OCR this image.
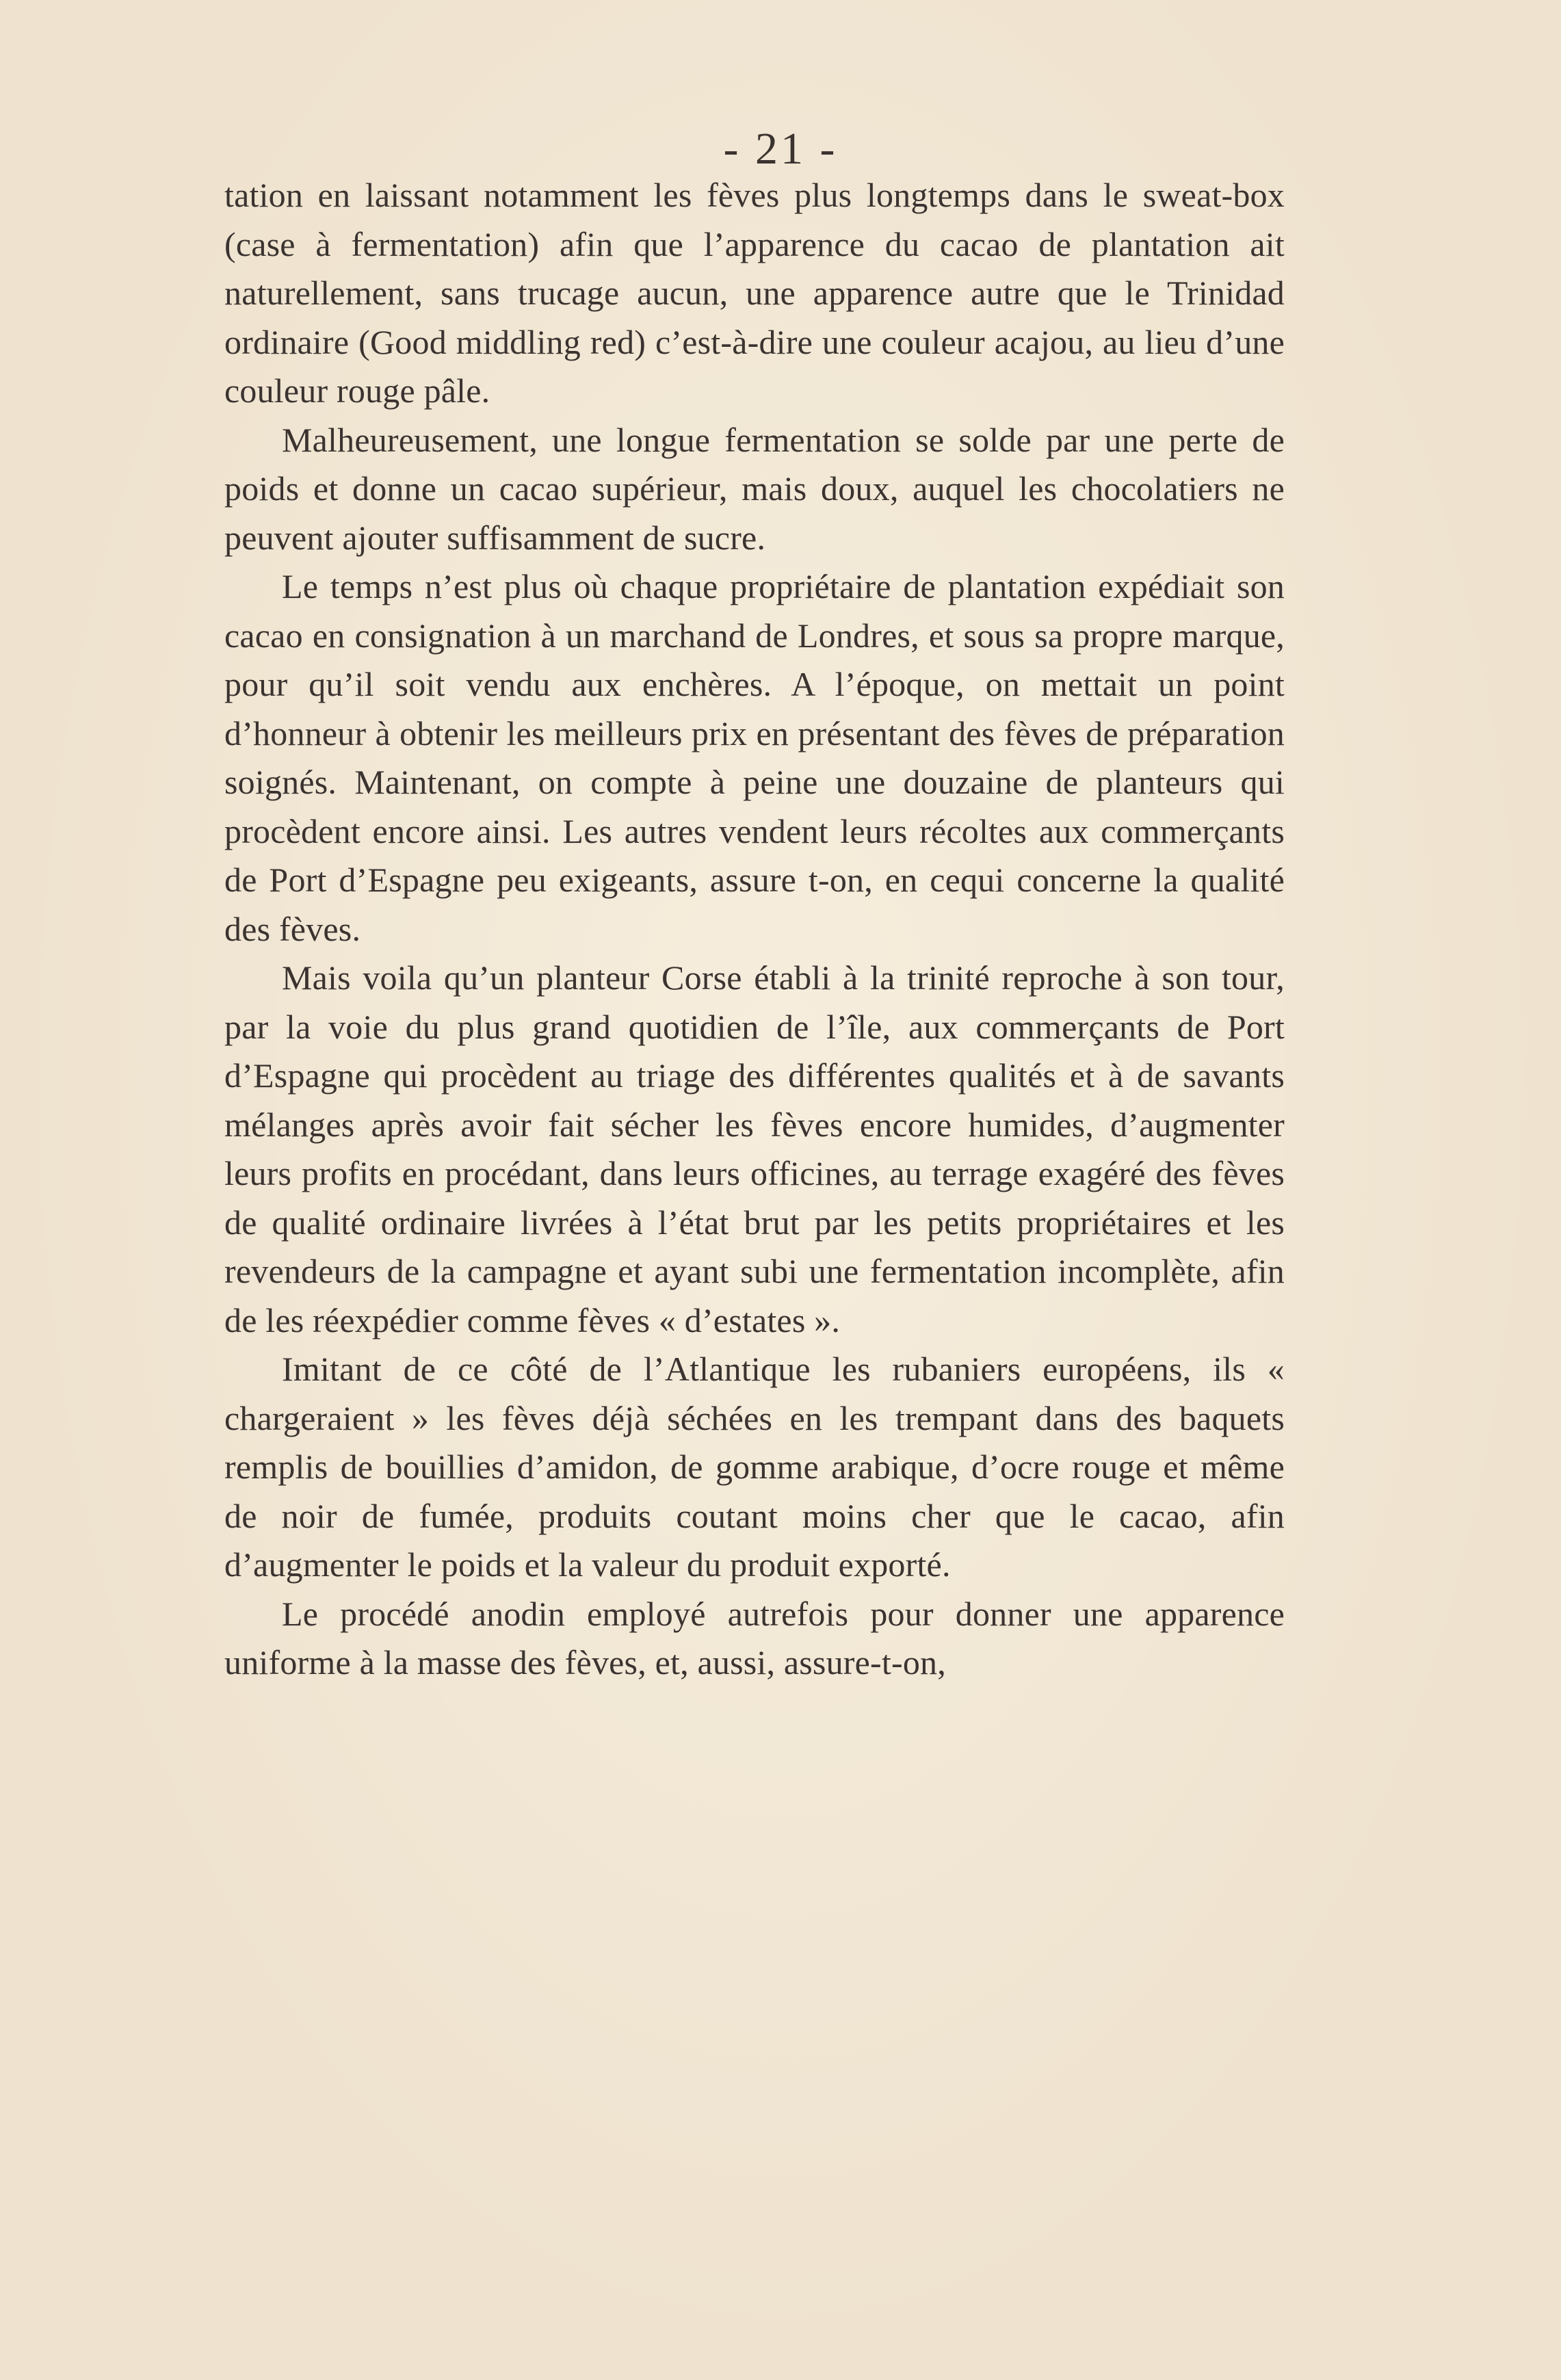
- 21 -

tation en laissant notamment les fèves plus longtemps dans le sweat-box (case à fermentation) afin que l’apparence du cacao de plantation ait naturellement, sans trucage aucun, une apparence autre que le Trinidad ordinaire (Good middling red) c’est-à-dire une couleur acajou, au lieu d’une couleur rouge pâle.

Malheureusement, une longue fermentation se solde par une perte de poids et donne un cacao supérieur, mais doux, auquel les chocolatiers ne peuvent ajouter suffisamment de sucre.

Le temps n’est plus où chaque propriétaire de plantation expédiait son cacao en consignation à un marchand de Londres, et sous sa propre marque, pour qu’il soit vendu aux enchères. A l’époque, on mettait un point d’honneur à obtenir les meilleurs prix en présentant des fèves de préparation soignés. Maintenant, on compte à peine une douzaine de planteurs qui procèdent encore ainsi. Les autres vendent leurs récoltes aux commerçants de Port d’Espagne peu exigeants, assure t-on, en cequi concerne la qualité des fèves.

Mais voila qu’un planteur Corse établi à la trinité reproche à son tour, par la voie du plus grand quotidien de l’île, aux commerçants de Port d’Espagne qui procèdent au triage des différentes qualités et à de savants mélanges après avoir fait sécher les fèves encore humides, d’augmenter leurs profits en procédant, dans leurs officines, au terrage exagéré des fèves de qualité ordinaire livrées à l’état brut par les petits propriétaires et les revendeurs de la campagne et ayant subi une fermentation incomplète, afin de les réexpédier comme fèves « d’estates ».

Imitant de ce côté de l’Atlantique les rubaniers européens, ils « chargeraient » les fèves déjà séchées en les trempant dans des baquets remplis de bouillies d’amidon, de gomme arabique, d’ocre rouge et même de noir de fumée, produits coutant moins cher que le cacao, afin d’augmenter le poids et la valeur du produit exporté.

Le procédé anodin employé autrefois pour donner une apparence uniforme à la masse des fèves, et, aussi, assure-t-on,
